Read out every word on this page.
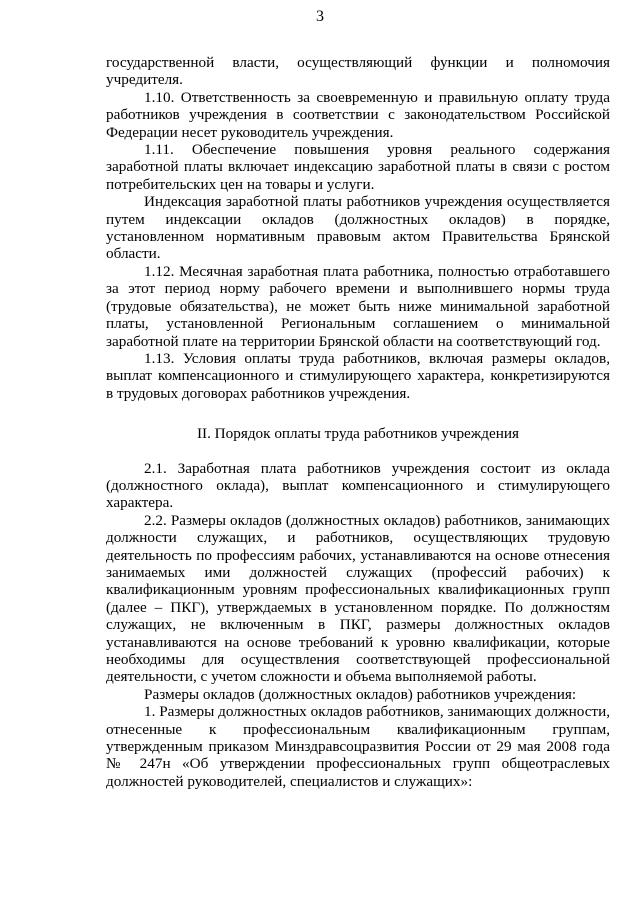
3

государственной власти, осуществляющий функции и полномочия учредителя.

1.10. Ответственность за своевременную и правильную оплату труда работников учреждения в соответствии с законодательством Российской Федерации несет руководитель учреждения.

1.11. Обеспечение повышения уровня реального содержания заработной платы включает индексацию заработной платы в связи с ростом потребительских цен на товары и услуги.

Индексация заработной платы работников учреждения осуществляется путем индексации окладов (должностных окладов) в порядке, установленном нормативным правовым актом Правительства Брянской области.

1.12. Месячная заработная плата работника, полностью отработавшего за этот период норму рабочего времени и выполнившего нормы труда (трудовые обязательства), не может быть ниже минимальной заработной платы, установленной Региональным соглашением о минимальной заработной плате на территории Брянской области на соответствующий год.

1.13. Условия оплаты труда работников, включая размеры окладов, выплат компенсационного и стимулирующего характера, конкретизируются в трудовых договорах работников учреждения.

II. Порядок оплаты труда работников учреждения

2.1. Заработная плата работников учреждения состоит из оклада (должностного оклада), выплат компенсационного и стимулирующего характера.

2.2. Размеры окладов (должностных окладов) работников, занимающих должности служащих, и работников, осуществляющих трудовую деятельность по профессиям рабочих, устанавливаются на основе отнесения занимаемых ими должностей служащих (профессий рабочих) к квалификационным уровням профессиональных квалификационных групп (далее – ПКГ), утверждаемых в установленном порядке. По должностям служащих, не включенным в ПКГ, размеры должностных окладов устанавливаются на основе требований к уровню квалификации, которые необходимы для осуществления соответствующей профессиональной деятельности, с учетом сложности и объема выполняемой работы.

Размеры окладов (должностных окладов) работников учреждения:

1. Размеры должностных окладов работников, занимающих должности, отнесенные к профессиональным квалификационным группам, утвержденным приказом Минздравсоцразвития России от 29 мая 2008 года № 247н «Об утверждении профессиональных групп общеотраслевых должностей руководителей, специалистов и служащих»:
